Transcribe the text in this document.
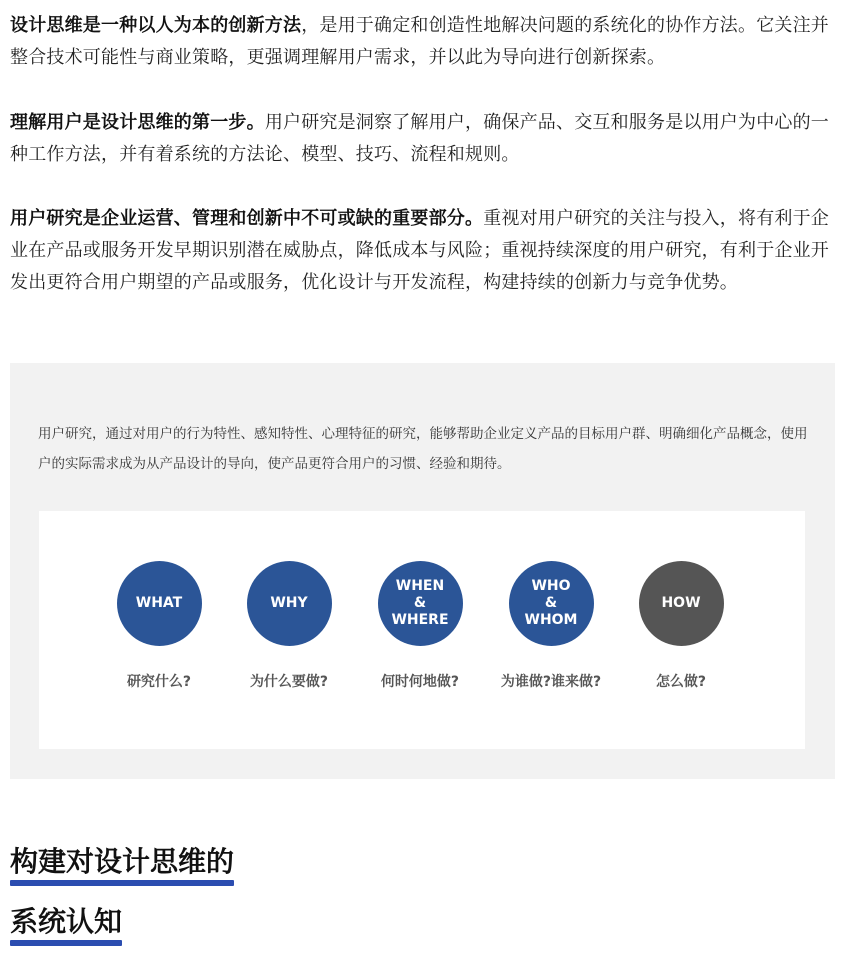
设计思维是一种以人为本的创新方法，是用于确定和创造性地解决问题的系统化的协作方法。它关注并整合技术可能性与商业策略，更强调理解用户需求，并以此为导向进行创新探索。

理解用户是设计思维的第一步。用户研究是洞察了解用户，确保产品、交互和服务是以用户为中心的一种工作方法，并有着系统的方法论、模型、技巧、流程和规则。

用户研究是企业运营、管理和创新中不可或缺的重要部分。重视对用户研究的关注与投入，将有利于企业在产品或服务开发早期识别潜在威胁点，降低成本与风险；重视持续深度的用户研究，有利于企业开发出更符合用户期望的产品或服务，优化设计与开发流程，构建持续的创新力与竞争优势。

用户研究，通过对用户的行为特性、感知特性、心理特征的研究，能够帮助企业定义产品的目标用户群、明确细化产品概念，使用户的实际需求成为从产品设计的导向，使产品更符合用户的习惯、经验和期待。

WHAT
研究什么?
WHY
为什么要做?
WHEN
&
WHERE
何时何地做?
WHO
&
WHOM
为谁做?谁来做?
HOW
怎么做?
构建对设计思维的
系统认知
